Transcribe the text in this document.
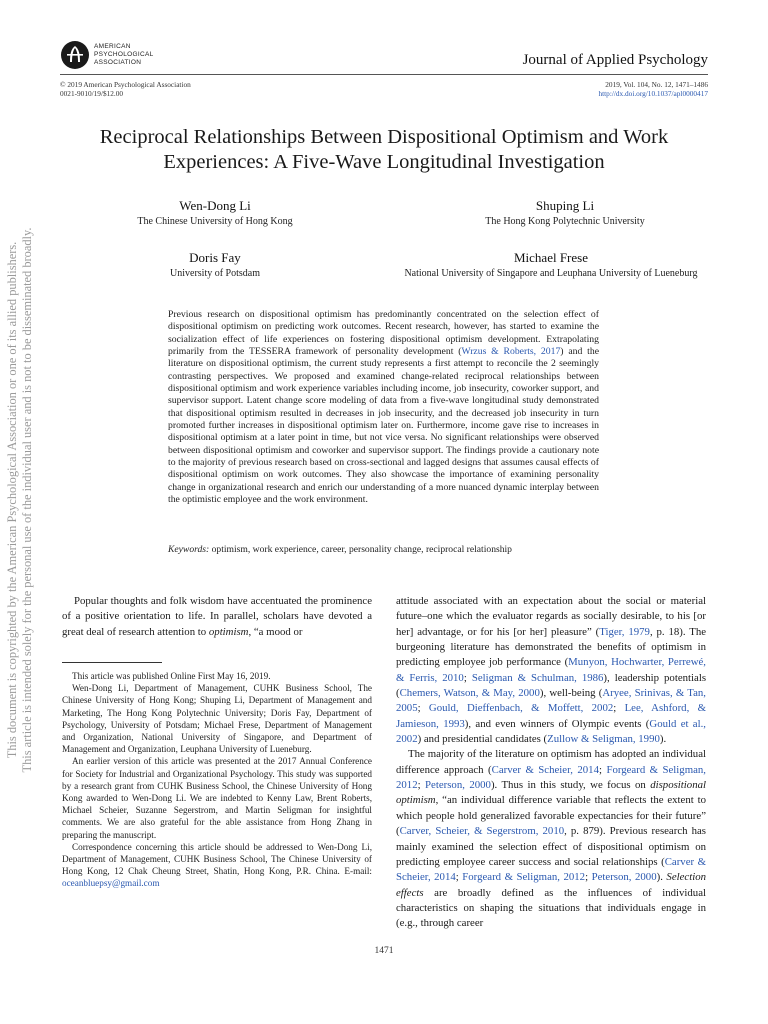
This document is copyrighted by the American Psychological Association or one of its allied publishers. This article is intended solely for the personal use of the individual user and is not to be disseminated broadly.
AMERICAN
PSYCHOLOGICAL
ASSOCIATION	Journal of Applied Psychology
© 2019 American Psychological Association
0021-9010/19/$12.00
2019, Vol. 104, No. 12, 1471–1486
http://dx.doi.org/10.1037/apl0000417
Reciprocal Relationships Between Dispositional Optimism and Work
Experiences: A Five-Wave Longitudinal Investigation
Wen-Dong Li
The Chinese University of Hong Kong
Shuping Li
The Hong Kong Polytechnic University
Doris Fay
University of Potsdam
Michael Frese
National University of Singapore and Leuphana University of Lueneburg
Previous research on dispositional optimism has predominantly concentrated on the selection effect of dispositional optimism on predicting work outcomes. Recent research, however, has started to examine the socialization effect of life experiences on fostering dispositional optimism development. Extrapolating primarily from the TESSERA framework of personality development (Wrzus & Roberts, 2017) and the literature on dispositional optimism, the current study represents a first attempt to reconcile the 2 seemingly contrasting perspectives. We proposed and examined change-related reciprocal relationships between dispositional optimism and work experience variables including income, job insecurity, coworker support, and supervisor support. Latent change score modeling of data from a five-wave longitudinal study demonstrated that dispositional optimism resulted in decreases in job insecurity, and the decreased job insecurity in turn promoted further increases in dispositional optimism later on. Furthermore, income gave rise to increases in dispositional optimism at a later point in time, but not vice versa. No significant relationships were observed between dispositional optimism and coworker and supervisor support. The findings provide a cautionary note to the majority of previous research based on cross-sectional and lagged designs that assumes causal effects of dispositional optimism on work outcomes. They also showcase the importance of examining personality change in organizational research and enrich our understanding of a more nuanced dynamic interplay between the optimistic employee and the work environment.
Keywords: optimism, work experience, career, personality change, reciprocal relationship

Popular thoughts and folk wisdom have accentuated the prominence of a positive orientation to life. In parallel, scholars have devoted a great deal of research attention to optimism, “a mood or

This article was published Online First May 16, 2019.

Wen-Dong Li, Department of Management, CUHK Business School, The Chinese University of Hong Kong; Shuping Li, Department of Management and Marketing, The Hong Kong Polytechnic University; Doris Fay, Department of Psychology, University of Potsdam; Michael Frese, Department of Management and Organization, National University of Singapore, and Department of Management and Organization, Leuphana University of Lueneburg.

An earlier version of this article was presented at the 2017 Annual Conference for Society for Industrial and Organizational Psychology. This study was supported by a research grant from CUHK Business School, the Chinese University of Hong Kong awarded to Wen-Dong Li. We are indebted to Kenny Law, Brent Roberts, Michael Scheier, Suzanne Segerstrom, and Martin Seligman for insightful comments. We are also grateful for the able assistance from Hong Zhang in preparing the manuscript.

Correspondence concerning this article should be addressed to Wen-Dong Li, Department of Management, CUHK Business School, The Chinese University of Hong Kong, 12 Chak Cheung Street, Shatin, Hong Kong, P.R. China. E-mail: oceanbluepsy@gmail.com

attitude associated with an expectation about the social or material future–one which the evaluator regards as socially desirable, to his [or her] advantage, or for his [or her] pleasure” (Tiger, 1979, p. 18). The burgeoning literature has demonstrated the benefits of optimism in predicting employee job performance (Munyon, Hochwarter, Perrewé, & Ferris, 2010; Seligman & Schulman, 1986), leadership potentials (Chemers, Watson, & May, 2000), well-being (Aryee, Srinivas, & Tan, 2005; Gould, Dieffenbach, & Moffett, 2002; Lee, Ashford, & Jamieson, 1993), and even winners of Olympic events (Gould et al., 2002) and presidential candidates (Zullow & Seligman, 1990).

The majority of the literature on optimism has adopted an individual difference approach (Carver & Scheier, 2014; Forgeard & Seligman, 2012; Peterson, 2000). Thus in this study, we focus on dispositional optimism, “an individual difference variable that reflects the extent to which people hold generalized favorable expectancies for their future” (Carver, Scheier, & Segerstrom, 2010, p. 879). Previous research has mainly examined the selection effect of dispositional optimism on predicting employee career success and social relationships (Carver & Scheier, 2014; Forgeard & Seligman, 2012; Peterson, 2000). Selection effects are broadly defined as the influences of individual characteristics on shaping the situations that individuals engage in (e.g., through career

1471
